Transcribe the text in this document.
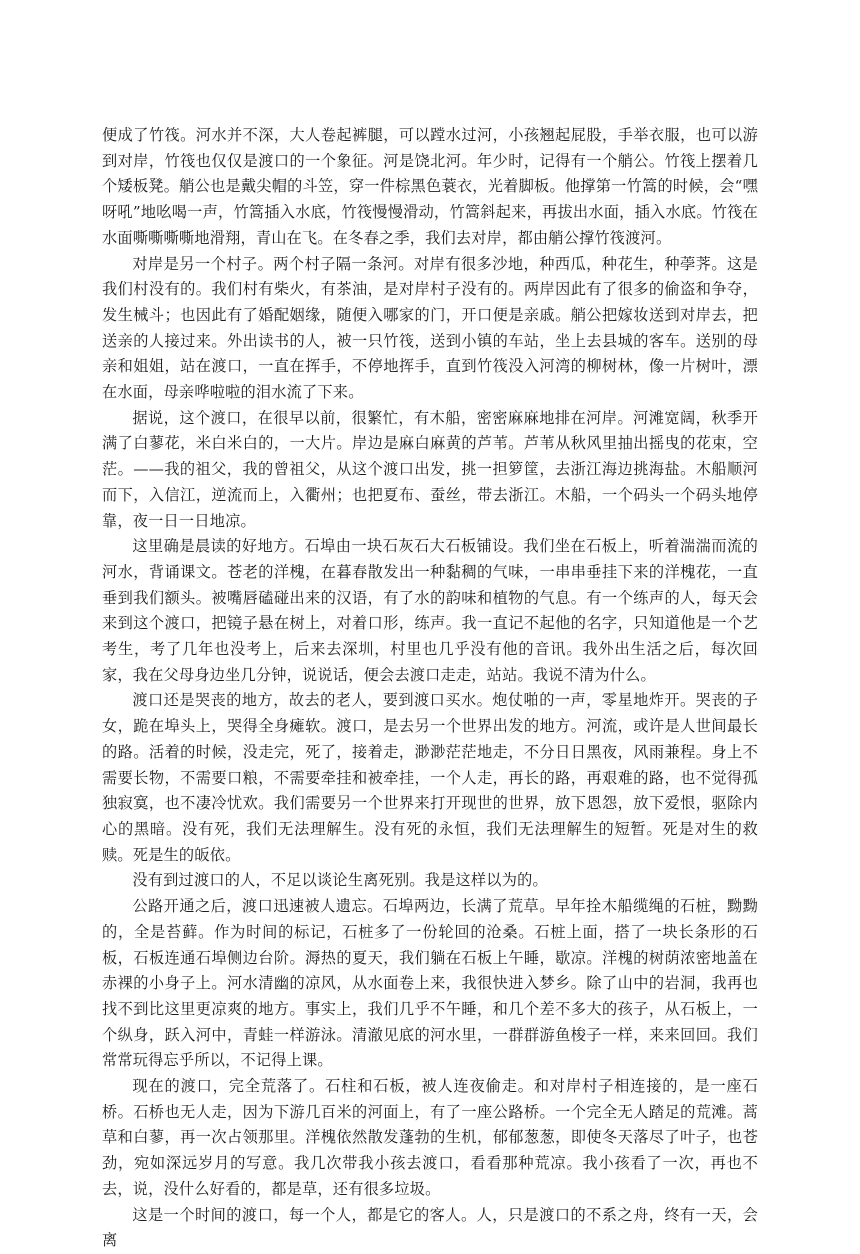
便成了竹筏。河水并不深，大人卷起裤腿，可以蹚水过河，小孩翘起屁股，手举衣服，也可以游到对岸，竹筏也仅仅是渡口的一个象征。河是饶北河。年少时，记得有一个艄公。竹筏上摆着几个矮板凳。艄公也是戴尖帽的斗笠，穿一件棕黑色蓑衣，光着脚板。他撑第一竹篙的时候，会“嘿呀吼”地吆喝一声，竹篙插入水底，竹筏慢慢滑动，竹篙斜起来，再拔出水面，插入水底。竹筏在水面嘶嘶嘶嘶地滑翔，青山在飞。在冬春之季，我们去对岸，都由艄公撑竹筏渡河。

对岸是另一个村子。两个村子隔一条河。对岸有很多沙地，种西瓜，种花生，种荸荠。这是我们村没有的。我们村有柴火，有茶油，是对岸村子没有的。两岸因此有了很多的偷盗和争夺，发生械斗；也因此有了婚配姻缘，随便入哪家的门，开口便是亲戚。艄公把嫁妆送到对岸去，把送亲的人接过来。外出读书的人，被一只竹筏，送到小镇的车站，坐上去县城的客车。送别的母亲和姐姐，站在渡口，一直在挥手，不停地挥手，直到竹筏没入河湾的柳树林，像一片树叶，漂在水面，母亲哗啦啦的泪水流了下来。

据说，这个渡口，在很早以前，很繁忙，有木船，密密麻麻地排在河岸。河滩宽阔，秋季开满了白蓼花，米白米白的，一大片。岸边是麻白麻黄的芦苇。芦苇从秋风里抽出摇曳的花束，空茫。——我的祖父，我的曾祖父，从这个渡口出发，挑一担箩筐，去浙江海边挑海盐。木船顺河而下，入信江，逆流而上，入衢州；也把夏布、蚕丝，带去浙江。木船，一个码头一个码头地停靠，夜一日一日地凉。

这里确是晨读的好地方。石埠由一块石灰石大石板铺设。我们坐在石板上，听着湍湍而流的河水，背诵课文。苍老的洋槐，在暮春散发出一种黏稠的气味，一串串垂挂下来的洋槐花，一直垂到我们额头。被嘴唇磕碰出来的汉语，有了水的韵味和植物的气息。有一个练声的人，每天会来到这个渡口，把镜子悬在树上，对着口形，练声。我一直记不起他的名字，只知道他是一个艺考生，考了几年也没考上，后来去深圳，村里也几乎没有他的音讯。我外出生活之后，每次回家，我在父母身边坐几分钟，说说话，便会去渡口走走，站站。我说不清为什么。

渡口还是哭丧的地方，故去的老人，要到渡口买水。炮仗啪的一声，零星地炸开。哭丧的子女，跪在埠头上，哭得全身瘫软。渡口，是去另一个世界出发的地方。河流，或许是人世间最长的路。活着的时候，没走完，死了，接着走，渺渺茫茫地走，不分日日黑夜，风雨兼程。身上不需要长物，不需要口粮，不需要牵挂和被牵挂，一个人走，再长的路，再艰难的路，也不觉得孤独寂寞，也不凄冷忧欢。我们需要另一个世界来打开现世的世界，放下恩怨，放下爱恨，驱除内心的黑暗。没有死，我们无法理解生。没有死的永恒，我们无法理解生的短暂。死是对生的救赎。死是生的皈依。

没有到过渡口的人，不足以谈论生离死别。我是这样以为的。

公路开通之后，渡口迅速被人遗忘。石埠两边，长满了荒草。早年拴木船缆绳的石桩，黝黝的，全是苔藓。作为时间的标记，石桩多了一份轮回的沧桑。石桩上面，搭了一块长条形的石板，石板连通石埠侧边台阶。溽热的夏天，我们躺在石板上午睡，歇凉。洋槐的树荫浓密地盖在赤裸的小身子上。河水清幽的凉风，从水面卷上来，我很快进入梦乡。除了山中的岩洞，我再也找不到比这里更凉爽的地方。事实上，我们几乎不午睡，和几个差不多大的孩子，从石板上，一个纵身，跃入河中，青蛙一样游泳。清澈见底的河水里，一群群游鱼梭子一样，来来回回。我们常常玩得忘乎所以，不记得上课。

现在的渡口，完全荒落了。石柱和石板，被人连夜偷走。和对岸村子相连接的，是一座石桥。石桥也无人走，因为下游几百米的河面上，有了一座公路桥。一个完全无人踏足的荒滩。蒿草和白蓼，再一次占领那里。洋槐依然散发蓬勃的生机，郁郁葱葱，即使冬天落尽了叶子，也苍劲，宛如深远岁月的写意。我几次带我小孩去渡口，看看那种荒凉。我小孩看了一次，再也不去，说，没什么好看的，都是草，还有很多垃圾。

这是一个时间的渡口，每一个人，都是它的客人。人，只是渡口的不系之舟，终有一天，会离
